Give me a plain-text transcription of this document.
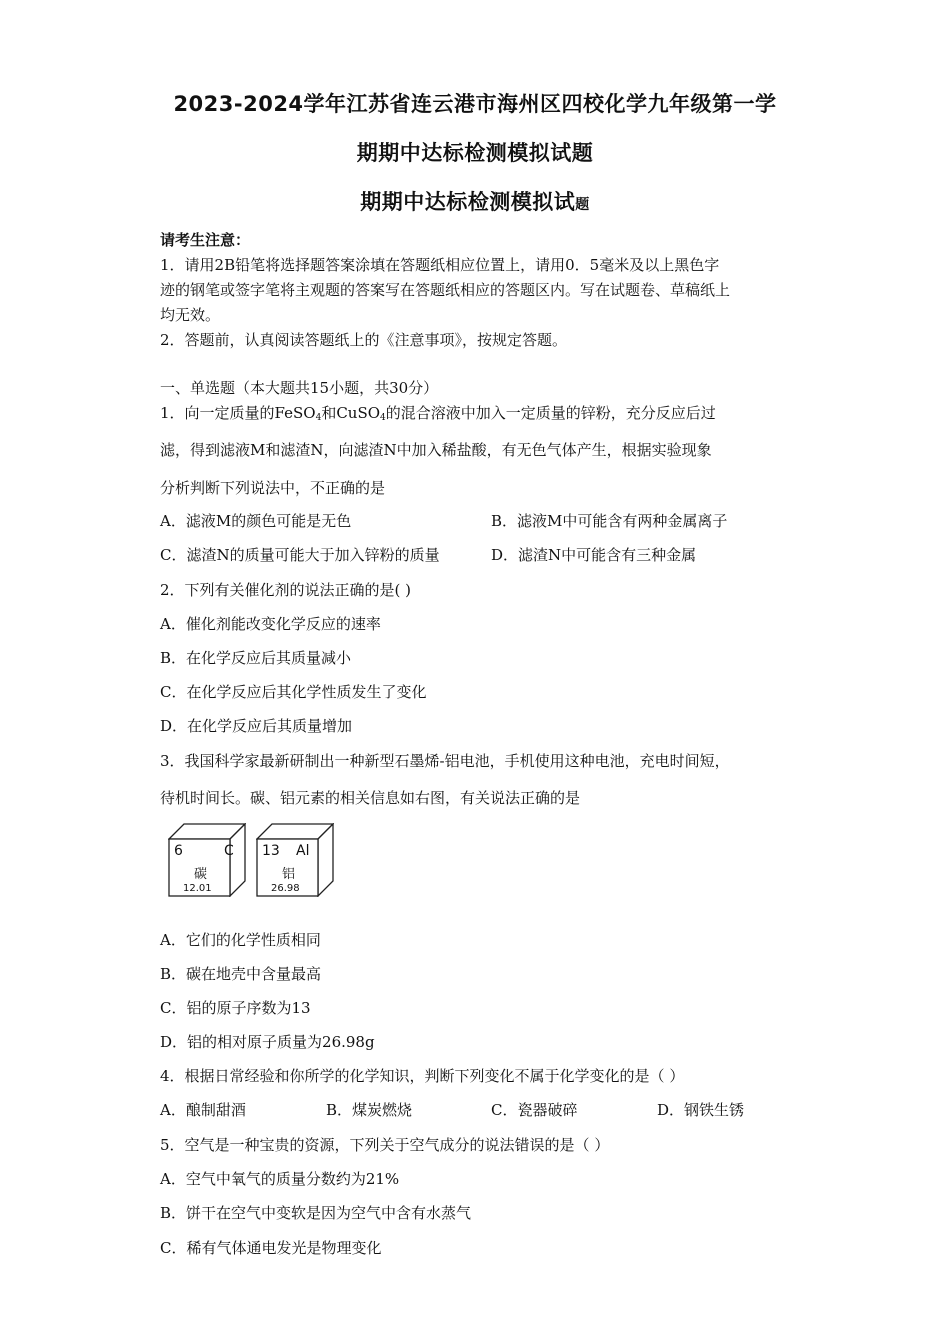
2023-2024学年江苏省连云港市海州区四校化学九年级第一学
期期中达标检测模拟试题
期期中达标检测模拟试题
请考生注意：
1．请用2B铅笔将选择题答案涂填在答题纸相应位置上，请用0．5毫米及以上黑色字
迹的钢笔或签字笔将主观题的答案写在答题纸相应的答题区内。写在试题卷、草稿纸上
均无效。
2．答题前，认真阅读答题纸上的《注意事项》，按规定答题。
一、单选题（本大题共15小题，共30分）
1．向一定质量的FeSO$_4$和CuSO$_4$的混合溶液中加入一定质量的锌粉，充分反应后过
滤，得到滤液M和滤渣N，向滤渣N中加入稀盐酸，有无色气体产生，根据实验现象
分析判断下列说法中，不正确的是
A．滤液M的颜色可能是无色	B．滤液M中可能含有两种金属离子
C．滤渣N的质量可能大于加入锌粉的质量	D．滤渣N中可能含有三种金属
2．下列有关催化剂的说法正确的是( )
A．催化剂能改变化学反应的速率
B．在化学反应后其质量减小
C．在化学反应后其化学性质发生了变化
D．在化学反应后其质量增加
3．我国科学家最新研制出一种新型石墨烯-铝电池，手机使用这种电池，充电时间短，
待机时间长。碳、铝元素的相关信息如右图，有关说法正确的是
6	C
碳
12.01
13 Al
铝
26.98
A．它们的化学性质相同
B．碳在地壳中含量最高
C．铝的原子序数为13
D．铝的相对原子质量为26.98g
4．根据日常经验和你所学的化学知识，判断下列变化不属于化学变化的是（ ）
A．酿制甜酒	B．煤炭燃烧	C．瓷器破碎	D．钢铁生锈
5．空气是一种宝贵的资源，下列关于空气成分的说法错误的是（ ）
A．空气中氧气的质量分数约为21%
B．饼干在空气中变软是因为空气中含有水蒸气
C．稀有气体通电发光是物理变化
